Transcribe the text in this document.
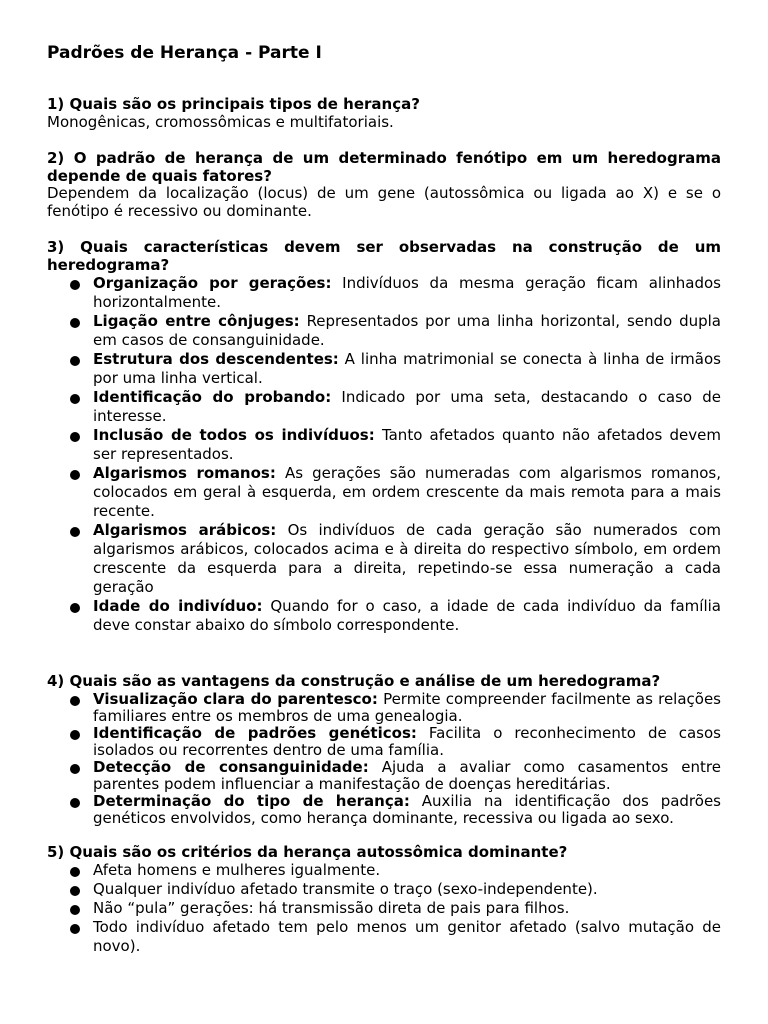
Padrões de Herança - Parte I
1) Quais são os principais tipos de herança?
Monogênicas, cromossômicas e multifatoriais.
2) O padrão de herança de um determinado fenótipo em um heredograma depende de quais fatores?
Dependem da localização (locus) de um gene (autossômica ou ligada ao X) e se o fenótipo é recessivo ou dominante.
3) Quais características devem ser observadas na construção de um heredograma?
Organização por gerações: Indivíduos da mesma geração ficam alinhados horizontalmente.
Ligação entre cônjuges: Representados por uma linha horizontal, sendo dupla em casos de consanguinidade.
Estrutura dos descendentes: A linha matrimonial se conecta à linha de irmãos por uma linha vertical.
Identificação do probando: Indicado por uma seta, destacando o caso de interesse.
Inclusão de todos os indivíduos: Tanto afetados quanto não afetados devem ser representados.
Algarismos romanos: As gerações são numeradas com algarismos romanos, colocados em geral à esquerda, em ordem crescente da mais remota para a mais recente.
Algarismos arábicos: Os indivíduos de cada geração são numerados com algarismos arábicos, colocados acima e à direita do respectivo símbolo, em ordem crescente da esquerda para a direita, repetindo-se essa numeração a cada geração
Idade do indivíduo: Quando for o caso, a idade de cada indivíduo da família deve constar abaixo do símbolo correspondente.
4) Quais são as vantagens da construção e análise de um heredograma?
Visualização clara do parentesco: Permite compreender facilmente as relações familiares entre os membros de uma genealogia.
Identificação de padrões genéticos: Facilita o reconhecimento de casos isolados ou recorrentes dentro de uma família.
Detecção de consanguinidade: Ajuda a avaliar como casamentos entre parentes podem influenciar a manifestação de doenças hereditárias.
Determinação do tipo de herança: Auxilia na identificação dos padrões genéticos envolvidos, como herança dominante, recessiva ou ligada ao sexo.
5) Quais são os critérios da herança autossômica dominante?
Afeta homens e mulheres igualmente.
Qualquer indivíduo afetado transmite o traço (sexo-independente).
Não “pula” gerações: há transmissão direta de pais para filhos.
Todo indivíduo afetado tem pelo menos um genitor afetado (salvo mutação de novo).
